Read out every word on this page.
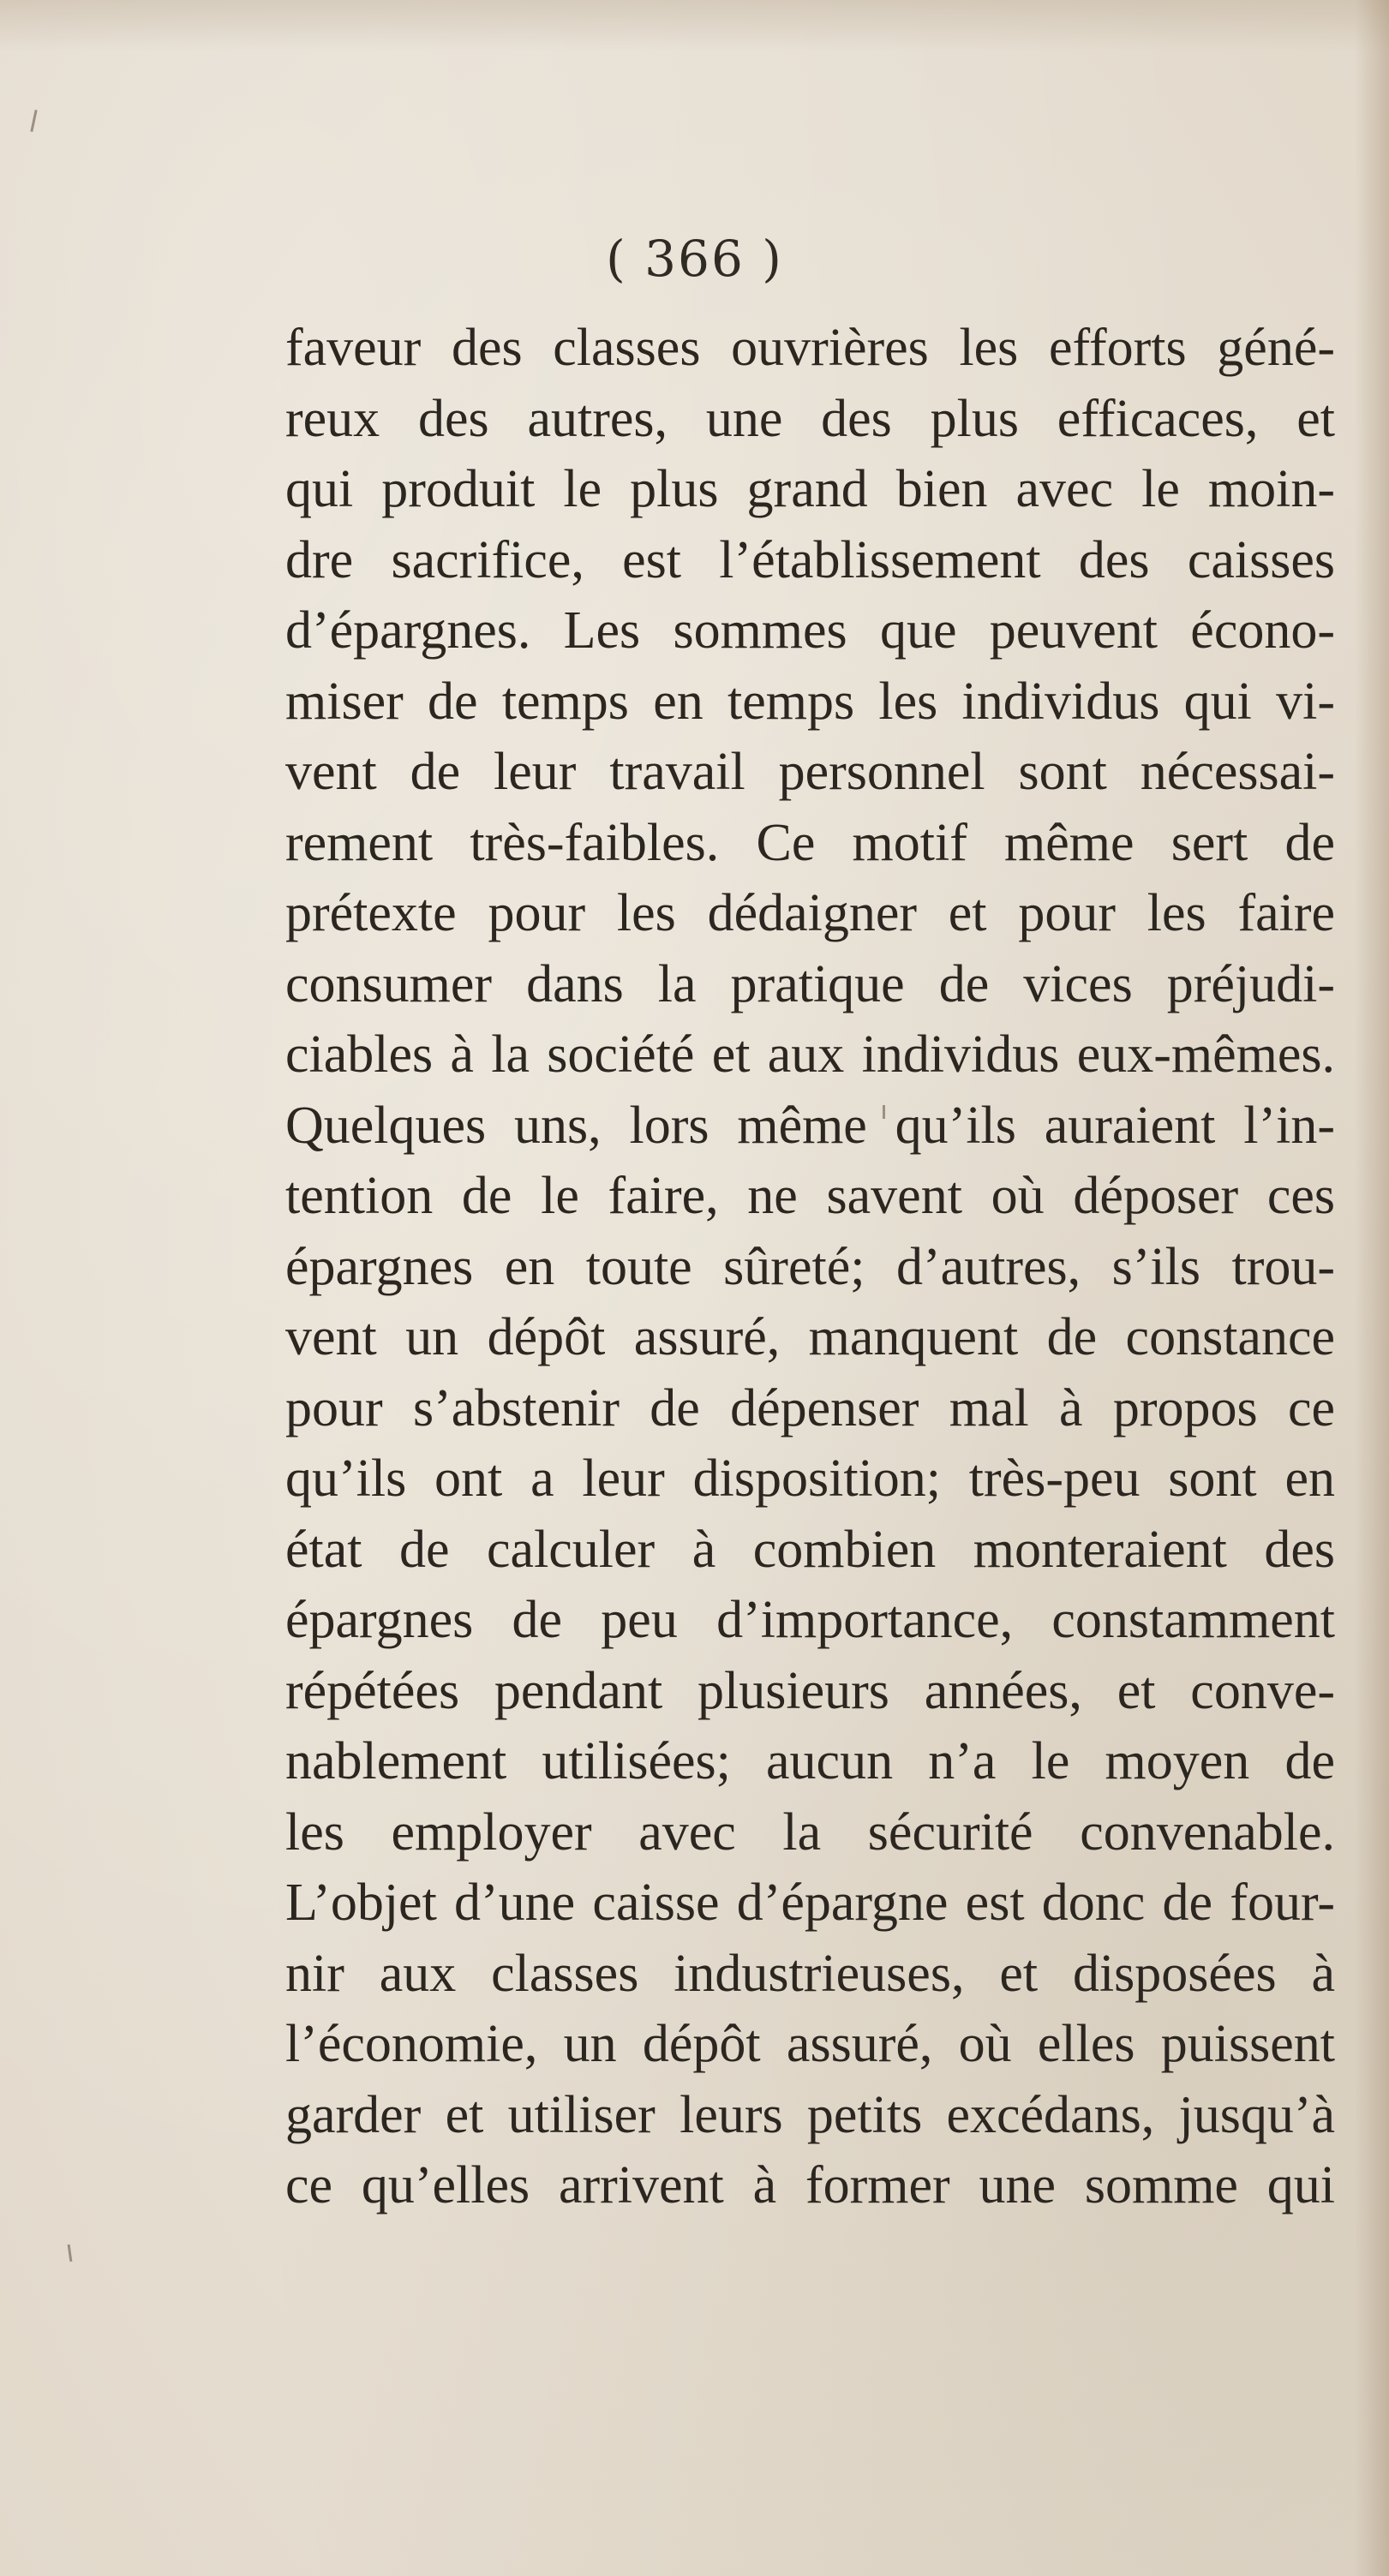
( 366 )
faveur des classes ouvrières les efforts géné-
reux des autres, une des plus efficaces, et
qui produit le plus grand bien avec le moin-
dre sacrifice, est l’établissement des caisses
d’épargnes. Les sommes que peuvent écono-
miser de temps en temps les individus qui vi-
vent de leur travail personnel sont nécessai-
rement très-faibles. Ce motif même sert de
prétexte pour les dédaigner et pour les faire
consumer dans la pratique de vices préjudi-
ciables à la société et aux individus eux-mêmes.
Quelques uns, lors même qu’ils auraient l’in-
tention de le faire, ne savent où déposer ces
épargnes en toute sûreté; d’autres, s’ils trou-
vent un dépôt assuré, manquent de constance
pour s’abstenir de dépenser mal à propos ce
qu’ils ont a leur disposition; très-peu sont en
état de calculer à combien monteraient des
épargnes de peu d’importance, constamment
répétées pendant plusieurs années, et conve-
nablement utilisées; aucun n’a le moyen de
les employer avec la sécurité convenable.
L’objet d’une caisse d’épargne est donc de four-
nir aux classes industrieuses, et disposées à
l’économie, un dépôt assuré, où elles puissent
garder et utiliser leurs petits excédans, jusqu’à
ce qu’elles arrivent à former une somme qui
